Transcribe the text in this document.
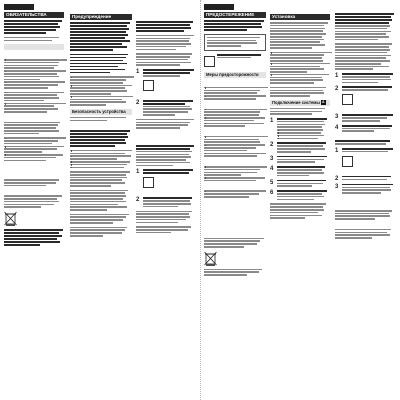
ОБЯЗАТЕЛЬСТВА

	Предупреждение
Безопасность устройства

1
2

1
2

ПРЕДОСТЕРЕЖЕНИЕ
Меры предосторожности

Установка
Подключение системы A
1
2
3
4
5
6
1
2
3
4
1
2
3
